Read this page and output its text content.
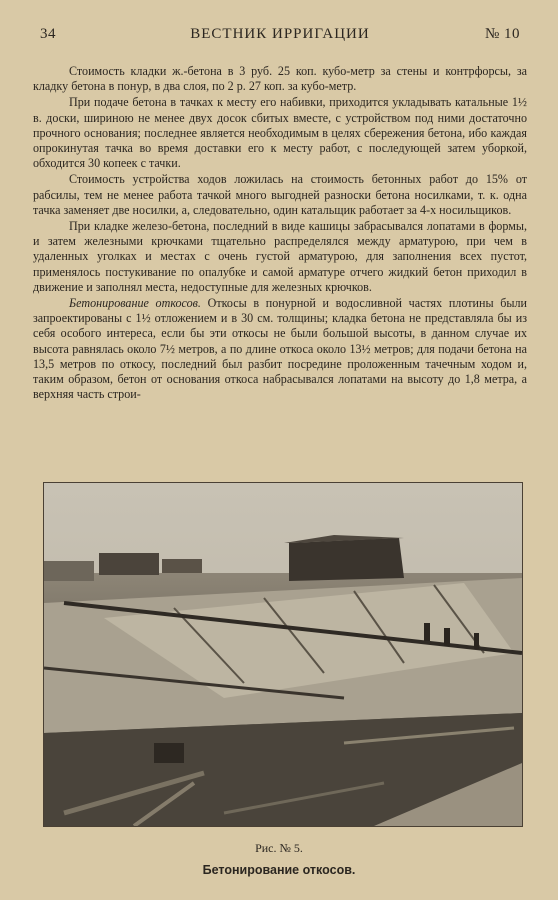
34	ВЕСТНИК ИРРИГАЦИИ	№ 10

Стоимость кладки ж.-бетона в 3 руб. 25 коп. кубо-метр за стены и контрфорсы, за кладку бетона в понур, в два слоя, по 2 р. 27 коп. за кубо-метр.

При подаче бетона в тачках к месту его набивки, приходится укладывать катальные 1½ в. доски, шириною не менее двух досок сбитых вместе, с устройством под ними достаточно прочного основания; последнее является необходимым в целях сбережения бетона, ибо каждая опрокинутая тачка во время доставки его к месту работ, с последующей затем уборкой, обходится 30 копеек с тачки.

Стоимость устройства ходов ложилась на стоимость бетонных работ до 15% от рабсилы, тем не менее работа тачкой много выгодней разноски бетона носилками, т. к. одна тачка заменяет две носилки, а, следовательно, один катальщик работает за 4-х носильщиков.

При кладке железо-бетона, последний в виде кашицы забрасывался лопатами в формы, и затем железными крючками тщательно распределялся между арматурою, при чем в удаленных уголках и местах с очень густой арматурою, для заполнения всех пустот, применялось постукивание по опалубке и самой арматуре отчего жидкий бетон приходил в движение и заполнял места, недоступные для железных крючков.

Бетонирование откосов. Откосы в понурной и водосливной частях плотины были запроектированы с 1½ отложением и в 30 см. толщины; кладка бетона не представляла бы из себя особого интереса, если бы эти откосы не были большой высоты, в данном случае их высота равнялась около 7½ метров, а по длине откоса около 13½ метров; для подачи бетона на 13,5 метров по откосу, последний был разбит посредине проложенным тачечным ходом и, таким образом, бетон от основания откоса набрасывался лопатами на высоту до 1,8 метра, а верхняя часть строи-

Рис. № 5.
Бетонирование откосов.
